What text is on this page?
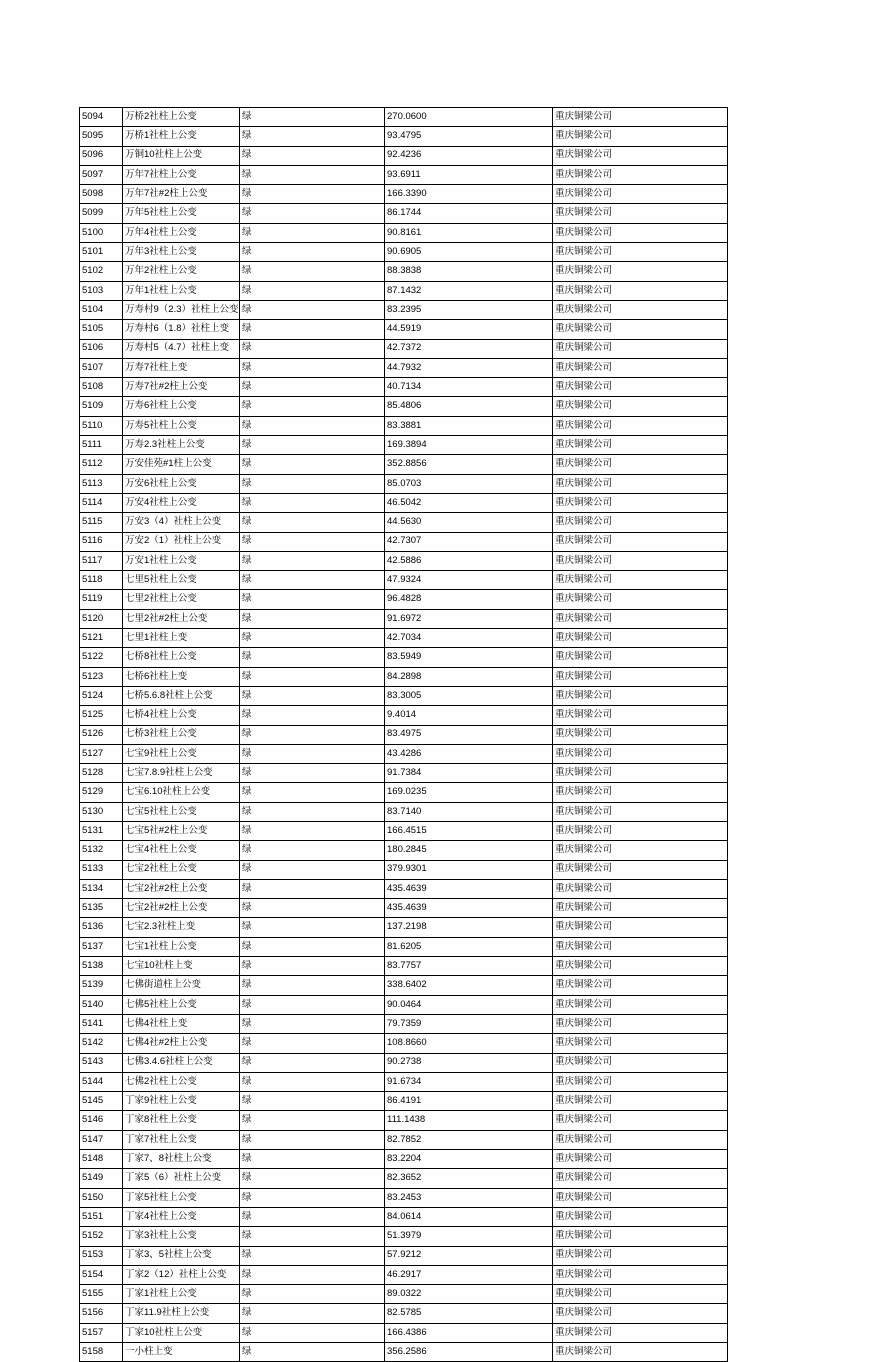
5094	万桥2社柱上公变	绿	270.0600	重庆铜梁公司
5095	万桥1社柱上公变	绿	93.4795	重庆铜梁公司
5096	万铜10社柱上公变	绿	92.4236	重庆铜梁公司
5097	万年7社柱上公变	绿	93.6911	重庆铜梁公司
5098	万年7社#2柱上公变	绿	166.3390	重庆铜梁公司
5099	万年5社柱上公变	绿	86.1744	重庆铜梁公司
5100	万年4社柱上公变	绿	90.8161	重庆铜梁公司
5101	万年3社柱上公变	绿	90.6905	重庆铜梁公司
5102	万年2社柱上公变	绿	88.3838	重庆铜梁公司
5103	万年1社柱上公变	绿	87.1432	重庆铜梁公司
5104	万寿村9（2.3）社柱上公变	绿	83.2395	重庆铜梁公司
5105	万寿村6（1.8）社柱上变	绿	44.5919	重庆铜梁公司
5106	万寿村5（4.7）社柱上变	绿	42.7372	重庆铜梁公司
5107	万寿7社柱上变	绿	44.7932	重庆铜梁公司
5108	万寿7社#2柱上公变	绿	40.7134	重庆铜梁公司
5109	万寿6社柱上公变	绿	85.4806	重庆铜梁公司
5110	万寿5社柱上公变	绿	83.3881	重庆铜梁公司
5111	万寿2.3社柱上公变	绿	169.3894	重庆铜梁公司
5112	万安佳苑#1柱上公变	绿	352.8856	重庆铜梁公司
5113	万安6社柱上公变	绿	85.0703	重庆铜梁公司
5114	万安4社柱上公变	绿	46.5042	重庆铜梁公司
5115	万安3（4）社柱上公变	绿	44.5630	重庆铜梁公司
5116	万安2（1）社柱上公变	绿	42.7307	重庆铜梁公司
5117	万安1社柱上公变	绿	42.5886	重庆铜梁公司
5118	七里5社柱上公变	绿	47.9324	重庆铜梁公司
5119	七里2社柱上公变	绿	96.4828	重庆铜梁公司
5120	七里2社#2柱上公变	绿	91.6972	重庆铜梁公司
5121	七里1社柱上变	绿	42.7034	重庆铜梁公司
5122	七桥8社柱上公变	绿	83.5949	重庆铜梁公司
5123	七桥6社柱上变	绿	84.2898	重庆铜梁公司
5124	七桥5.6.8社柱上公变	绿	83.3005	重庆铜梁公司
5125	七桥4社柱上公变	绿	9.4014	重庆铜梁公司
5126	七桥3社柱上公变	绿	83.4975	重庆铜梁公司
5127	七宝9社柱上公变	绿	43.4286	重庆铜梁公司
5128	七宝7.8.9社柱上公变	绿	91.7384	重庆铜梁公司
5129	七宝6.10社柱上公变	绿	169.0235	重庆铜梁公司
5130	七宝5社柱上公变	绿	83.7140	重庆铜梁公司
5131	七宝5社#2柱上公变	绿	166.4515	重庆铜梁公司
5132	七宝4社柱上公变	绿	180.2845	重庆铜梁公司
5133	七宝2社柱上公变	绿	379.9301	重庆铜梁公司
5134	七宝2社#2柱上公变	绿	435.4639	重庆铜梁公司
5135	七宝2社#2柱上公变	绿	435.4639	重庆铜梁公司
5136	七宝2.3社柱上变	绿	137.2198	重庆铜梁公司
5137	七宝1社柱上公变	绿	81.6205	重庆铜梁公司
5138	七宝10社柱上变	绿	83.7757	重庆铜梁公司
5139	七佛街道柱上公变	绿	338.6402	重庆铜梁公司
5140	七佛5社柱上公变	绿	90.0464	重庆铜梁公司
5141	七佛4社柱上变	绿	79.7359	重庆铜梁公司
5142	七佛4社#2柱上公变	绿	108.8660	重庆铜梁公司
5143	七佛3.4.6社柱上公变	绿	90.2738	重庆铜梁公司
5144	七佛2社柱上公变	绿	91.6734	重庆铜梁公司
5145	丁家9社柱上公变	绿	86.4191	重庆铜梁公司
5146	丁家8社柱上公变	绿	111.1438	重庆铜梁公司
5147	丁家7社柱上公变	绿	82.7852	重庆铜梁公司
5148	丁家7、8社柱上公变	绿	83.2204	重庆铜梁公司
5149	丁家5（6）社柱上公变	绿	82.3652	重庆铜梁公司
5150	丁家5社柱上公变	绿	83.2453	重庆铜梁公司
5151	丁家4社柱上公变	绿	84.0614	重庆铜梁公司
5152	丁家3社柱上公变	绿	51.3979	重庆铜梁公司
5153	丁家3、5社柱上公变	绿	57.9212	重庆铜梁公司
5154	丁家2（12）社柱上公变	绿	46.2917	重庆铜梁公司
5155	丁家1社柱上公变	绿	89.0322	重庆铜梁公司
5156	丁家11.9社柱上公变	绿	82.5785	重庆铜梁公司
5157	丁家10社柱上公变	绿	166.4386	重庆铜梁公司
5158	一小柱上变	绿	356.2586	重庆铜梁公司
